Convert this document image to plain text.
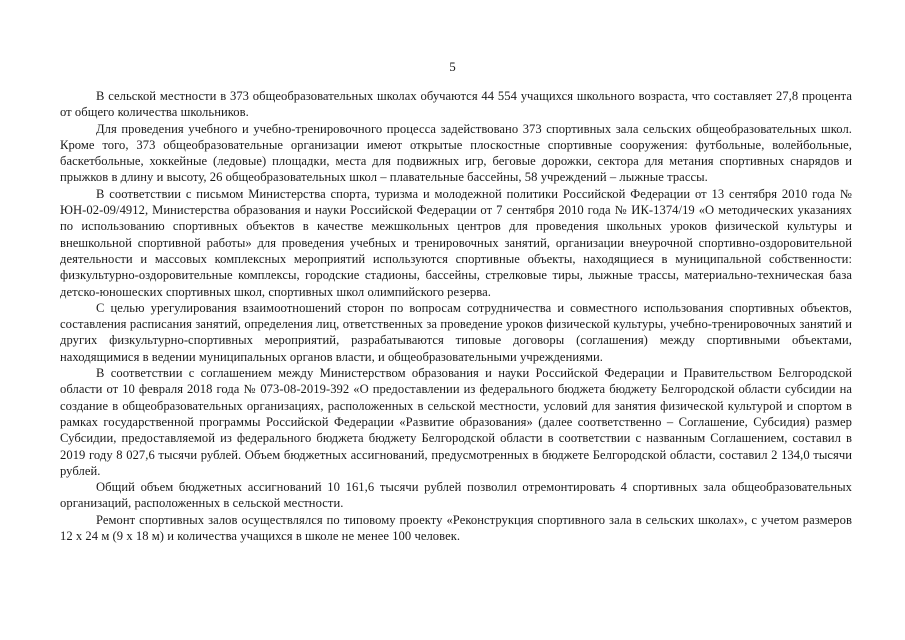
5

В сельской местности в 373 общеобразовательных школах обучаются 44 554 учащихся школьного возраста, что составляет 27,8 процента от общего количества школьников.

Для проведения учебного и учебно-тренировочного процесса задействовано 373 спортивных зала сельских общеобразовательных школ. Кроме того, 373 общеобразовательные организации имеют открытые плоскостные спортивные сооружения: футбольные, волейбольные, баскетбольные, хоккейные (ледовые) площадки, места для подвижных игр, беговые дорожки, сектора для метания спортивных снарядов и прыжков в длину и высоту, 26 общеобразовательных школ – плавательные бассейны, 58 учреждений – лыжные трассы.

В соответствии с письмом Министерства спорта, туризма и молодежной политики Российской Федерации от 13 сентября 2010 года № ЮН-02-09/4912, Министерства образования и науки Российской Федерации от 7 сентября 2010 года № ИК-1374/19 «О методических указаниях по использованию спортивных объектов в качестве межшкольных центров для проведения школьных уроков физической культуры и внешкольной спортивной работы» для проведения учебных и тренировочных занятий, организации внеурочной спортивно-оздоровительной деятельности и массовых комплексных мероприятий используются спортивные объекты, находящиеся в муниципальной собственности: физкультурно-оздоровительные комплексы, городские стадионы, бассейны, стрелковые тиры, лыжные трассы, материально-техническая база детско-юношеских спортивных школ, спортивных школ олимпийского резерва.

С целью урегулирования взаимоотношений сторон по вопросам сотрудничества и совместного использования спортивных объектов, составления расписания занятий, определения лиц, ответственных за проведение уроков физической культуры, учебно-тренировочных занятий и других физкультурно-спортивных мероприятий, разрабатываются типовые договоры (соглашения) между спортивными объектами, находящимися в ведении муниципальных органов власти, и общеобразовательными учреждениями.

В соответствии с соглашением между Министерством образования и науки Российской Федерации и Правительством Белгородской области от 10 февраля 2018 года № 073-08-2019-392 «О предоставлении из федерального бюджета бюджету Белгородской области субсидии на создание в общеобразовательных организациях, расположенных в сельской местности, условий для занятия физической культурой и спортом в рамках государственной программы Российской Федерации «Развитие образования» (далее соответственно – Соглашение, Субсидия) размер Субсидии, предоставляемой из федерального бюджета бюджету Белгородской области в соответствии с названным Соглашением, составил в 2019 году 8 027,6 тысячи рублей. Объем бюджетных ассигнований, предусмотренных в бюджете Белгородской области, составил 2 134,0 тысячи рублей.

Общий объем бюджетных ассигнований 10 161,6 тысячи рублей позволил отремонтировать 4 спортивных зала общеобразовательных организаций, расположенных в сельской местности.

Ремонт спортивных залов осуществлялся по типовому проекту «Реконструкция спортивного зала в сельских школах», с учетом размеров 12 х 24 м (9 х 18 м) и количества учащихся в школе не менее 100 человек.
